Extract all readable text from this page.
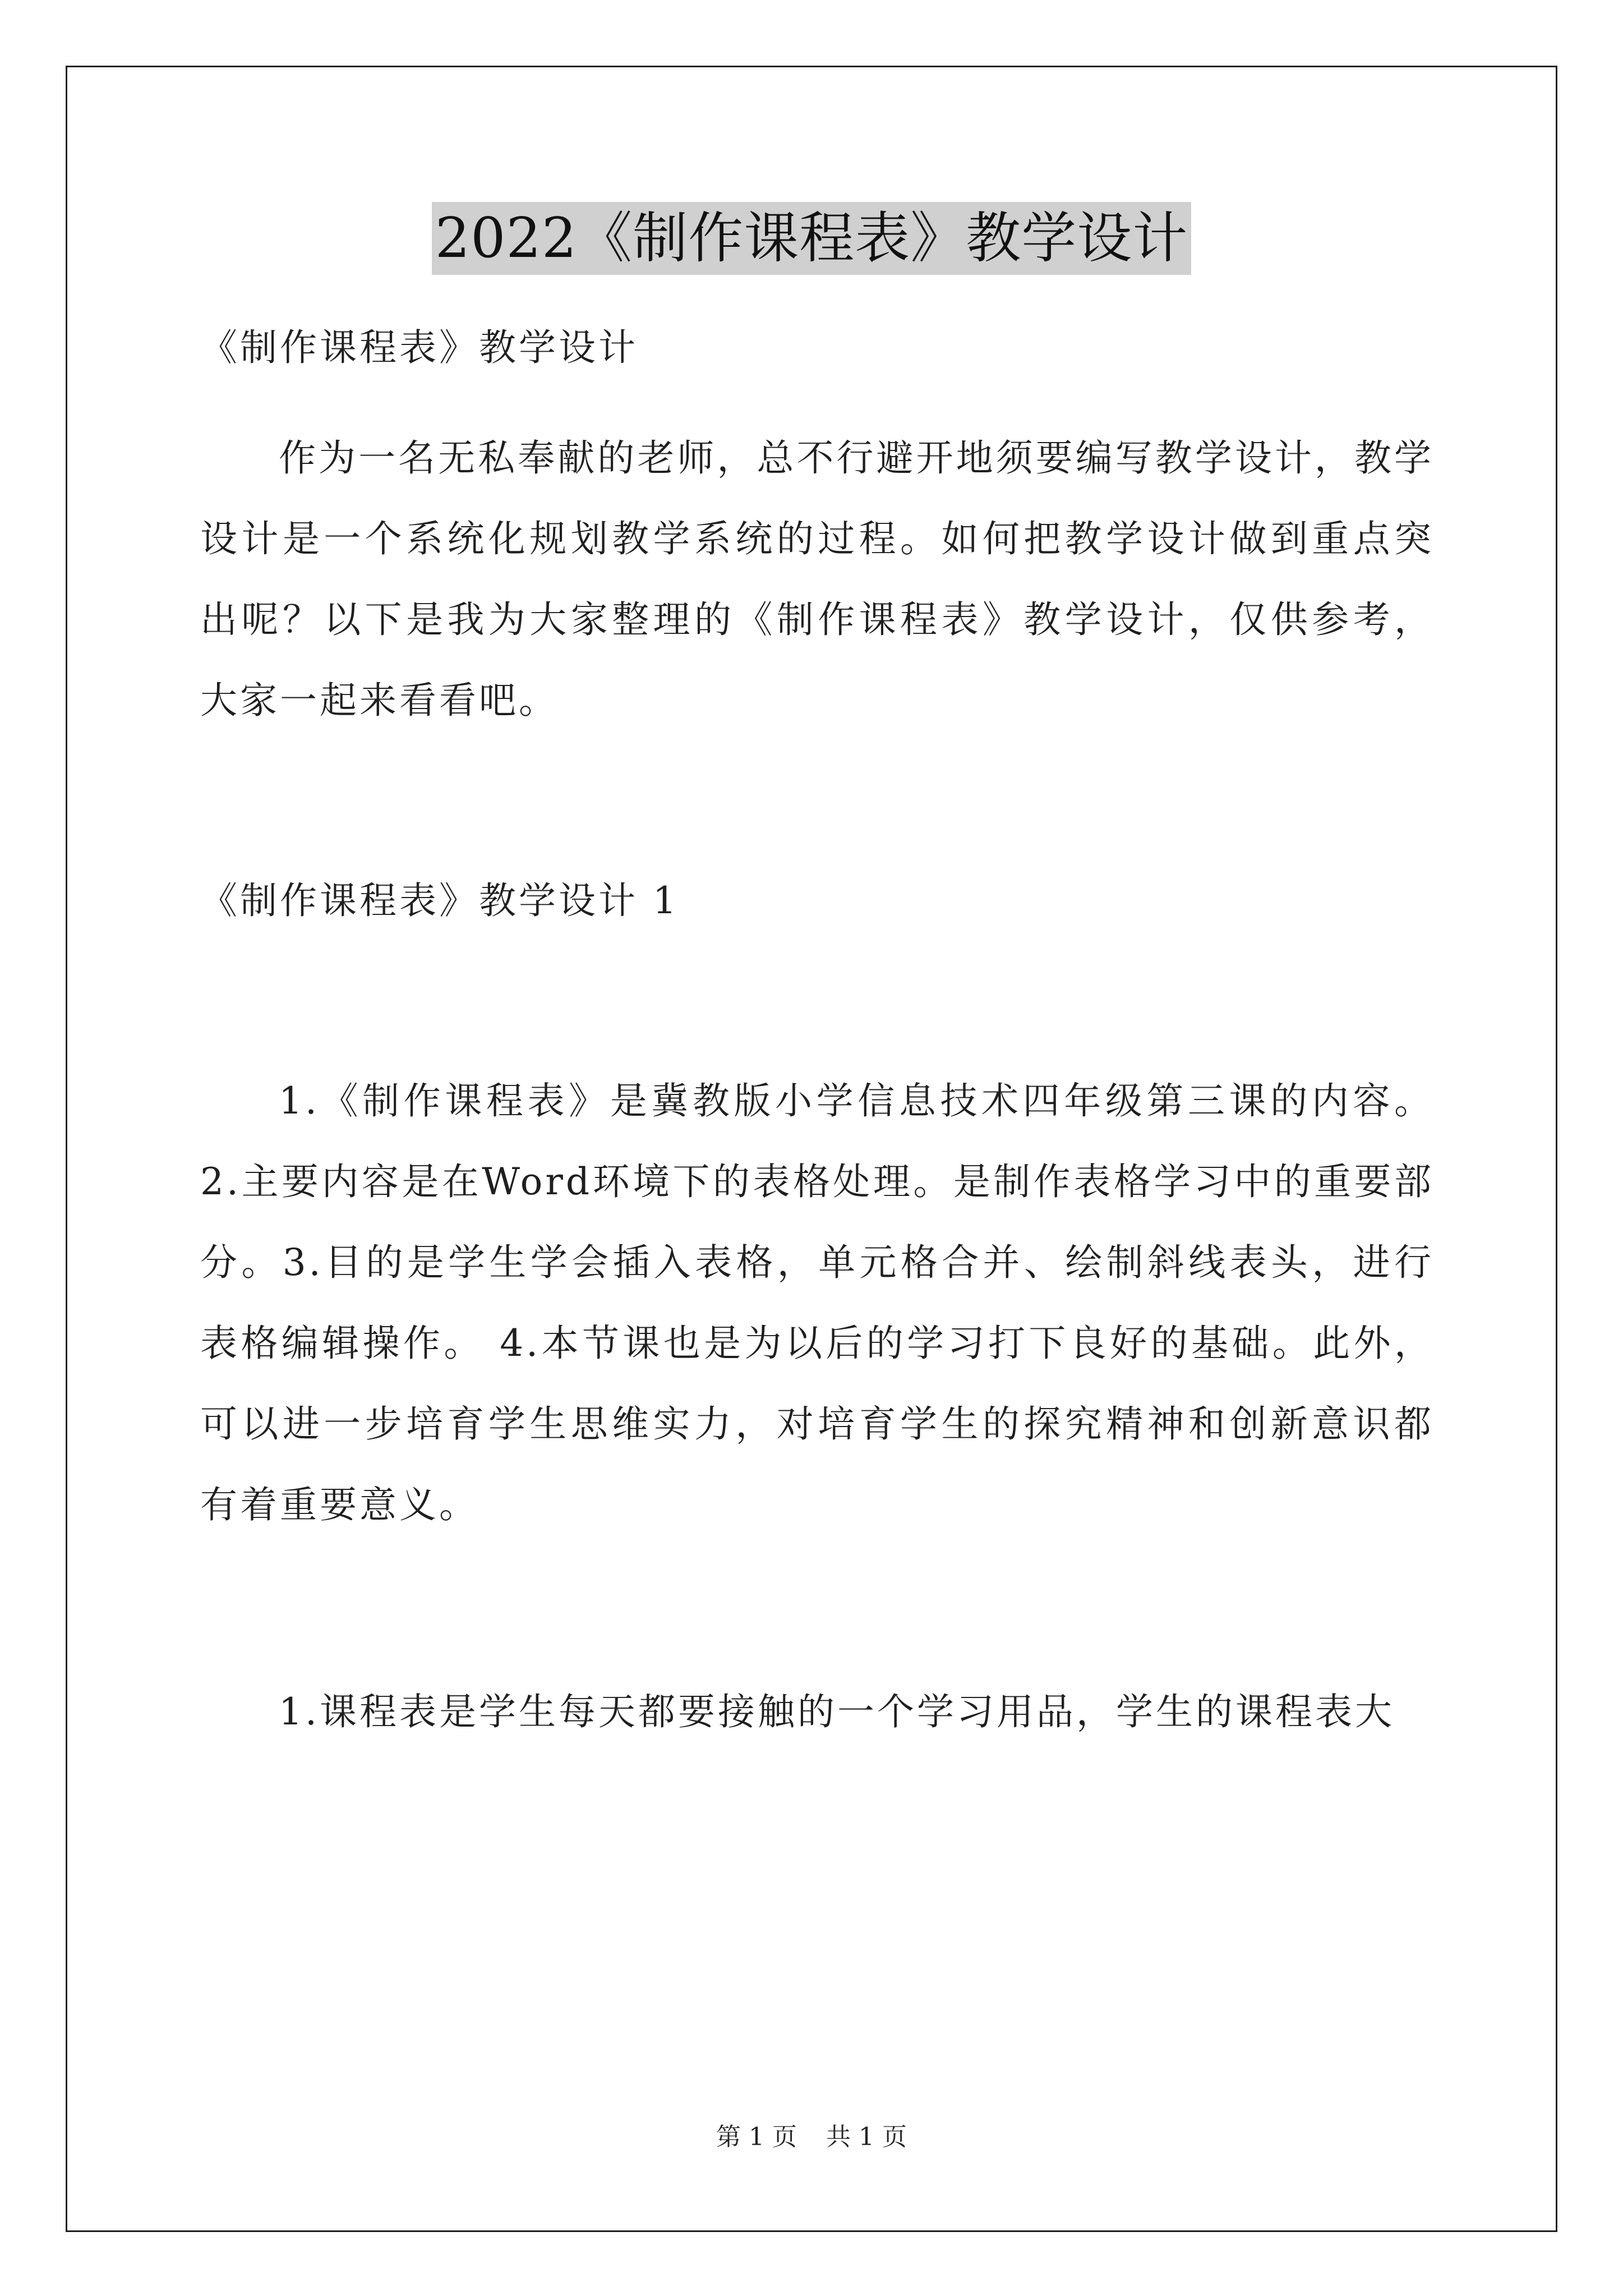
2022《制作课程表》教学设计

《制作课程表》教学设计

作为一名无私奉献的老师，总不行避开地须要编写教学设计，教学设计是一个系统化规划教学系统的过程。如何把教学设计做到重点突出呢？以下是我为大家整理的《制作课程表》教学设计，仅供参考，大家一起来看看吧。

《制作课程表》教学设计 1

1.《制作课程表》是冀教版小学信息技术四年级第三课的内容。2.主要内容是在Word环境下的表格处理。是制作表格学习中的重要部分。3.目的是学生学会插入表格，单元格合并、绘制斜线表头，进行表格编辑操作。 4.本节课也是为以后的学习打下良好的基础。此外，可以进一步培育学生思维实力，对培育学生的探究精神和创新意识都有着重要意义。

1.课程表是学生每天都要接触的一个学习用品，学生的课程表大

第 1 页 共 1 页
